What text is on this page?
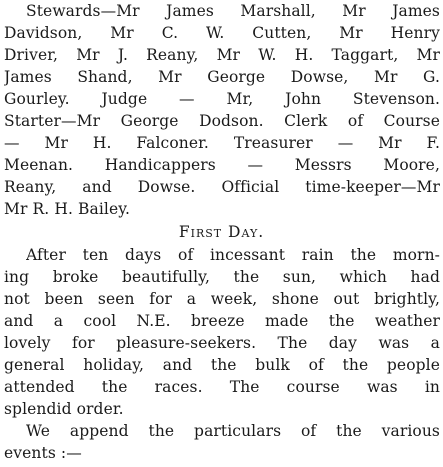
Stewards—Mr James Marshall, Mr James
Davidson, Mr C. W. Cutten, Mr Henry
Driver, Mr J. Reany, Mr W. H. Taggart, Mr
James Shand, Mr George Dowse, Mr G.
Gourley. Judge — Mr, John Stevenson.
Starter—Mr George Dodson. Clerk of Course
— Mr H. Falconer. Treasurer — Mr F.
Meenan. Handicappers — Messrs Moore,
Reany, and Dowse. Official time-keeper—Mr
Mr R. H. Bailey.
First Day.
After ten days of incessant rain the morn-
ing broke beautifully, the sun, which had
not been seen for a week, shone out brightly,
and a cool N.E. breeze made the weather
lovely for pleasure-seekers. The day was a
general holiday, and the bulk of the people
attended the races. The course was in
splendid order.
We append the particulars of the various
events :—
